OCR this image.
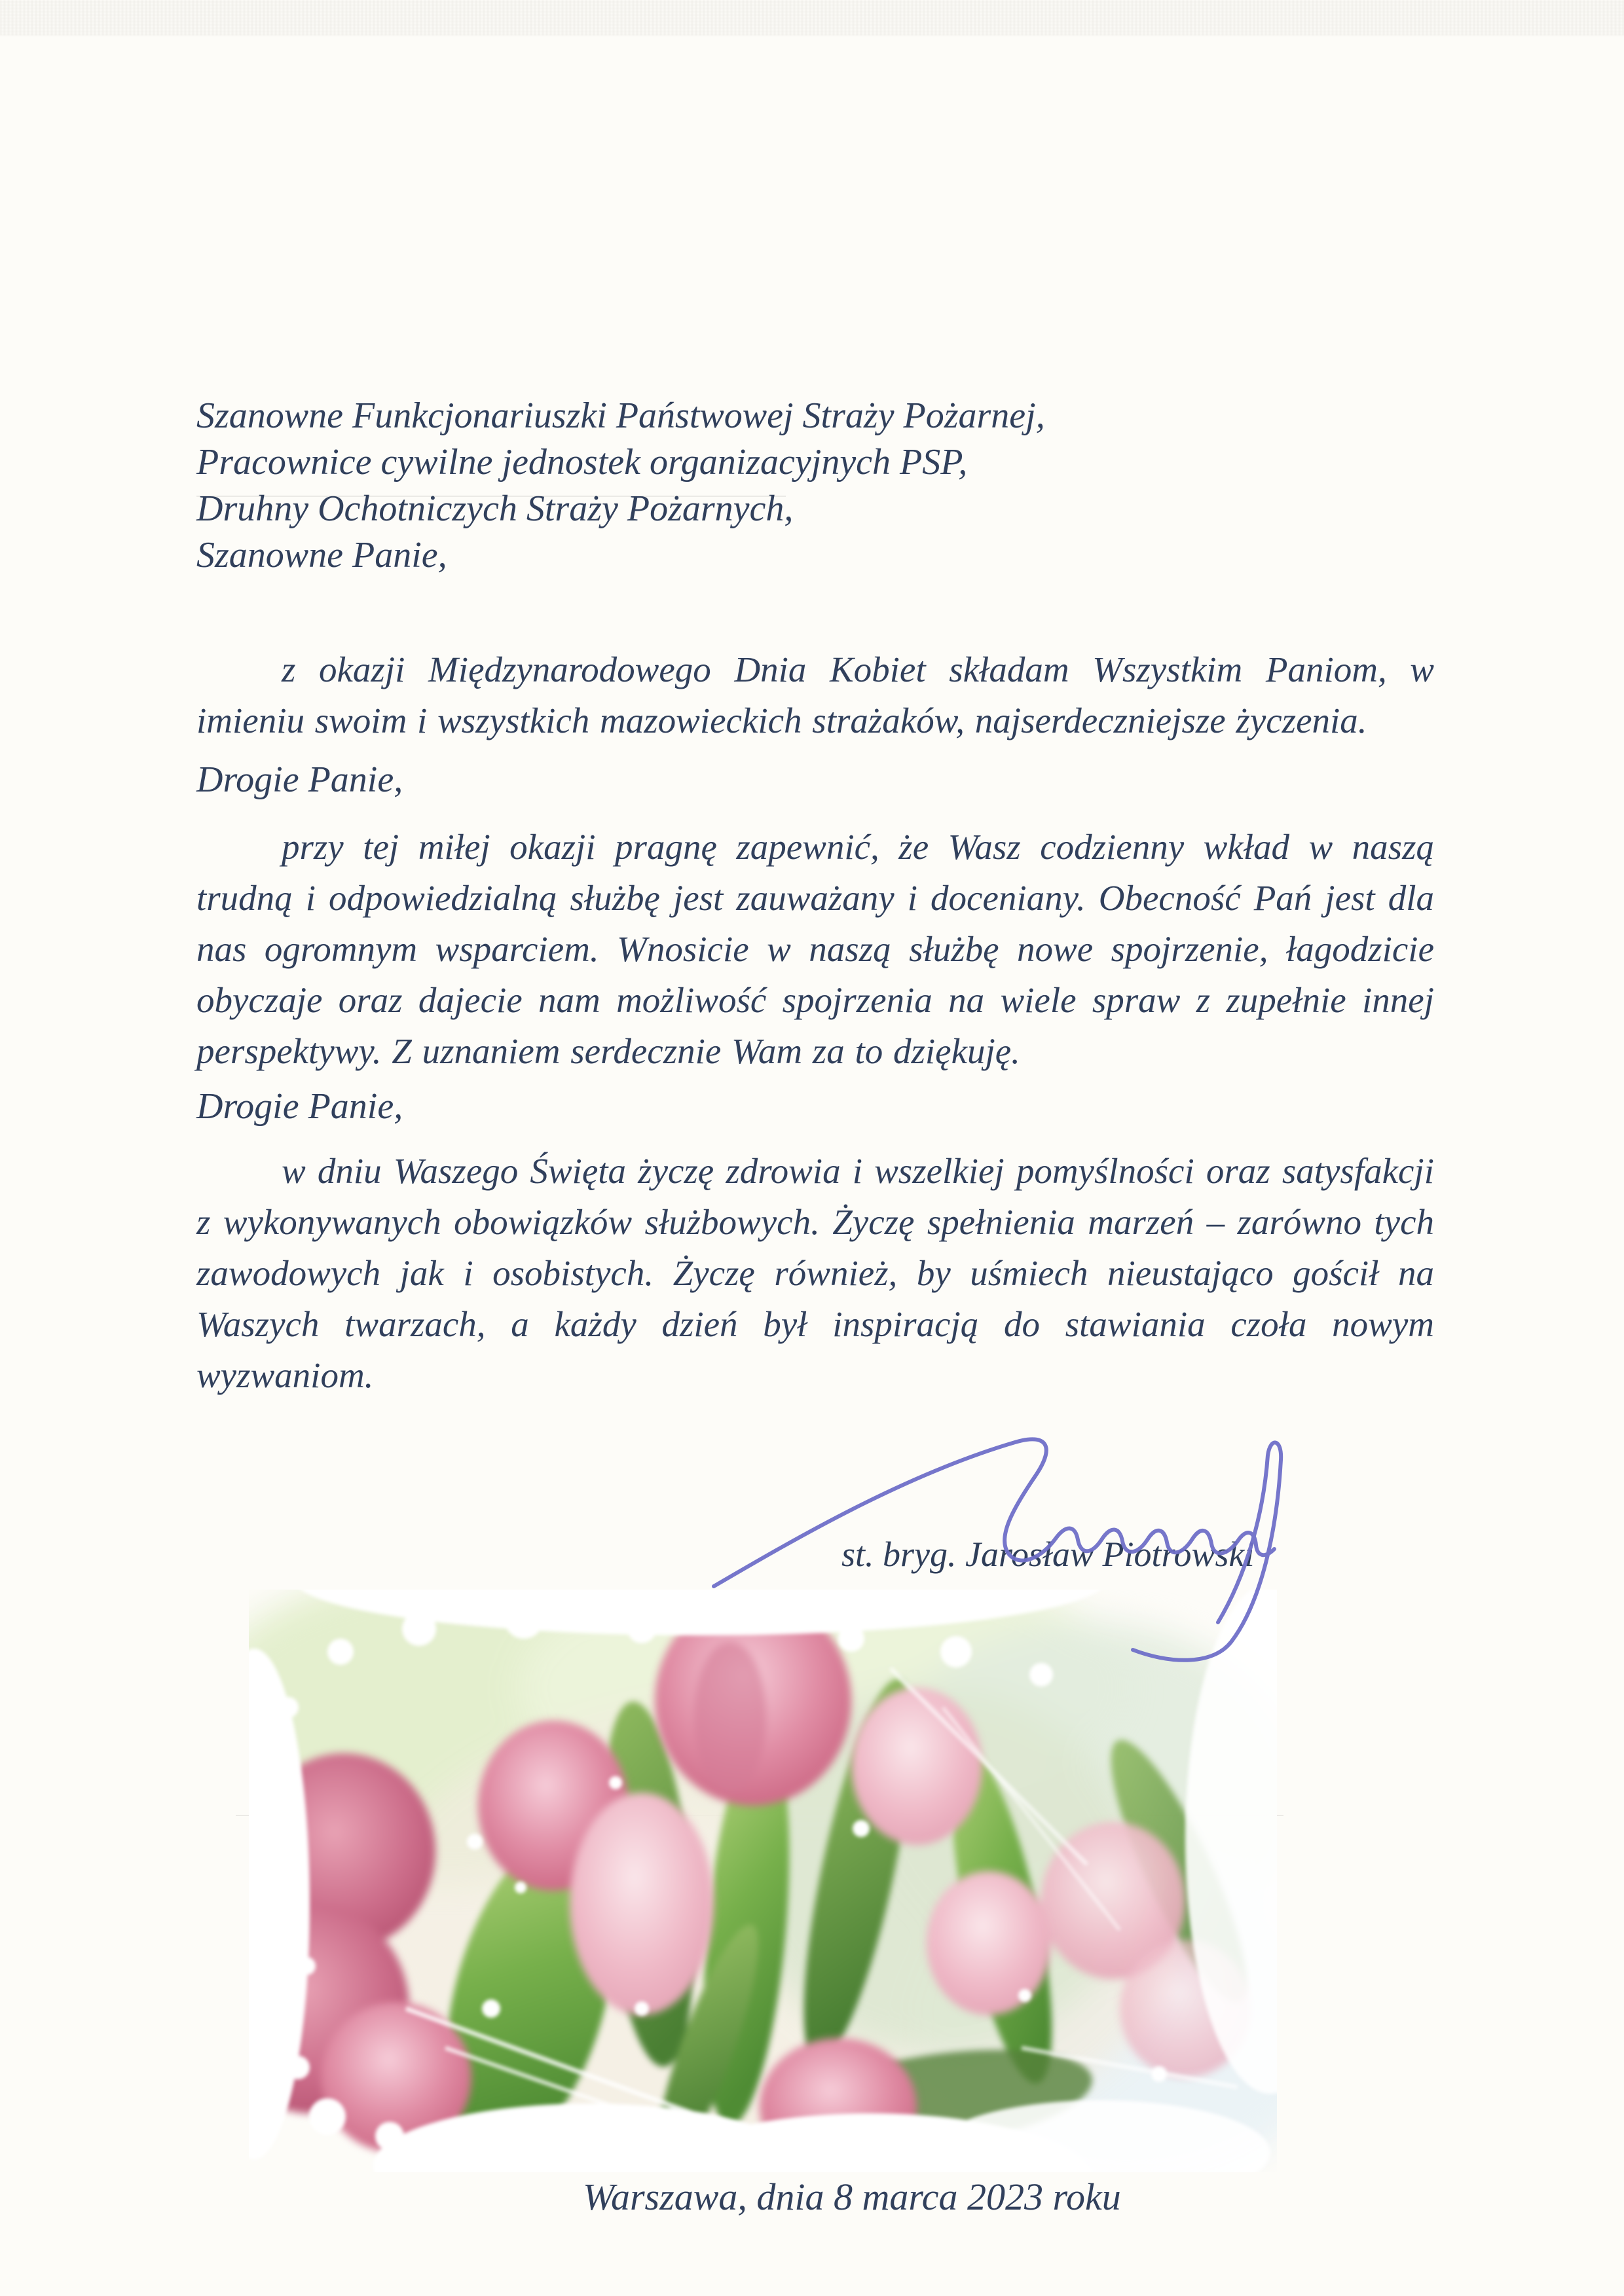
Szanowne Funkcjonariuszki Państwowej Straży Pożarnej,
Pracownice cywilne jednostek organizacyjnych PSP,
Druhny Ochotniczych Straży Pożarnych,
Szanowne Panie,

z okazji Międzynarodowego Dnia Kobiet składam Wszystkim Paniom, w imieniu swoim i wszystkich mazowieckich strażaków, najserdeczniejsze życzenia.

Drogie Panie,

przy tej miłej okazji pragnę zapewnić, że Wasz codzienny wkład w naszą trudną i odpowiedzialną służbę jest zauważany i doceniany. Obecność Pań jest dla nas ogromnym wsparciem. Wnosicie w naszą służbę nowe spojrzenie, łagodzicie obyczaje oraz dajecie nam możliwość spojrzenia na wiele spraw z zupełnie innej perspektywy. Z uznaniem serdecznie Wam za to dziękuję.

Drogie Panie,

w dniu Waszego Święta życzę zdrowia i wszelkiej pomyślności oraz satysfakcji z wykonywanych obowiązków służbowych. Życzę spełnienia marzeń – zarówno tych zawodowych jak i osobistych. Życzę również, by uśmiech nieustająco gościł na Waszych twarzach, a każdy dzień był inspiracją do stawiania czoła nowym wyzwaniom.

st. bryg. Jarosław Piotrowski
Warszawa, dnia 8 marca 2023 roku
